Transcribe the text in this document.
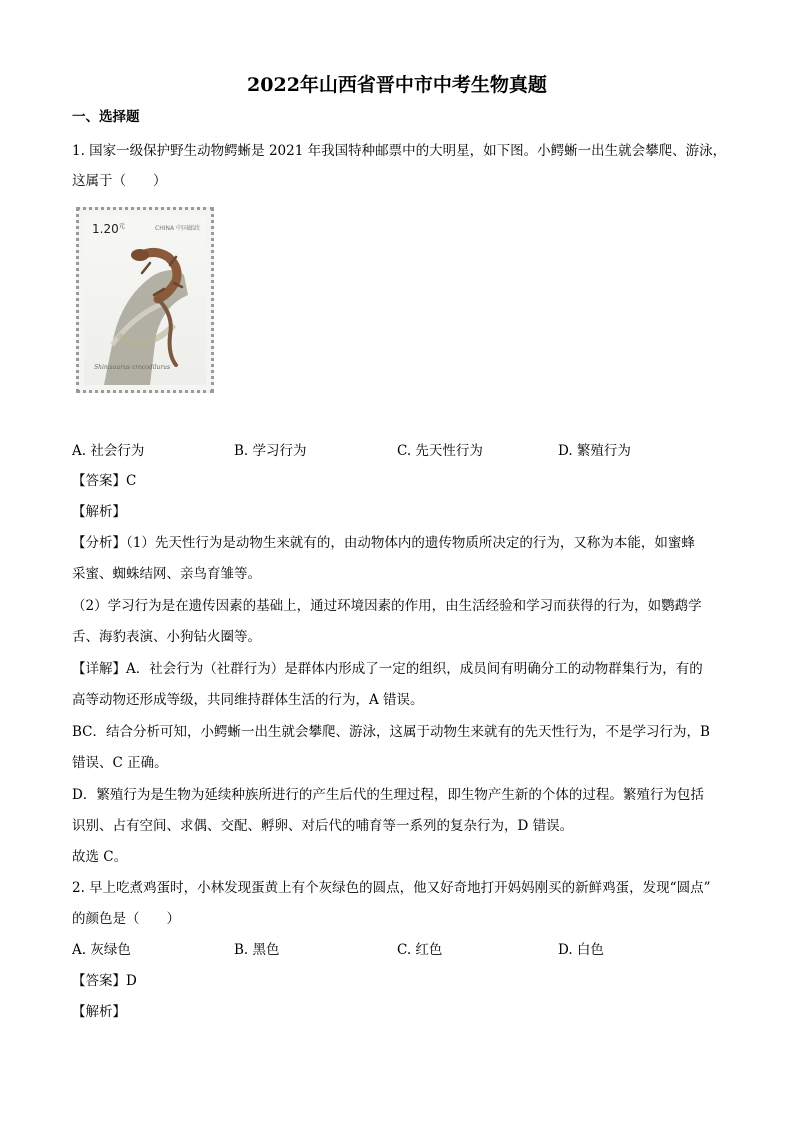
2022年山西省晋中市中考生物真题
一、选择题
1. 国家一级保护野生动物鳄蜥是 2021 年我国特种邮票中的大明星，如下图。小鳄蜥一出生就会攀爬、游泳，
这属于（　　）
$1.20^元$	CHINA 中国邮政
Shinisaurus crocodilurus
A. 社会行为	B. 学习行为	C. 先天性行为	D. 繁殖行为
【答案】C
【解析】
【分析】（1）先天性行为是动物生来就有的，由动物体内的遗传物质所决定的行为，又称为本能，如蜜蜂
采蜜、蜘蛛结网、亲鸟育雏等。
（2）学习行为是在遗传因素的基础上，通过环境因素的作用，由生活经验和学习而获得的行为，如鹦鹉学
舌、海豹表演、小狗钻火圈等。
【详解】A．社会行为（社群行为）是群体内形成了一定的组织，成员间有明确分工的动物群集行为，有的
高等动物还形成等级，共同维持群体生活的行为，A 错误。
BC．结合分析可知，小鳄蜥一出生就会攀爬、游泳，这属于动物生来就有的先天性行为，不是学习行为，B
错误、C 正确。
D．繁殖行为是生物为延续种族所进行的产生后代的生理过程，即生物产生新的个体的过程。繁殖行为包括
识别、占有空间、求偶、交配、孵卵、对后代的哺育等一系列的复杂行为，D 错误。
故选 C。
2. 早上吃煮鸡蛋时，小林发现蛋黄上有个灰绿色的圆点，他又好奇地打开妈妈刚买的新鲜鸡蛋，发现“圆点”
的颜色是（　　）
A. 灰绿色	B. 黑色	C. 红色	D. 白色
【答案】D
【解析】
